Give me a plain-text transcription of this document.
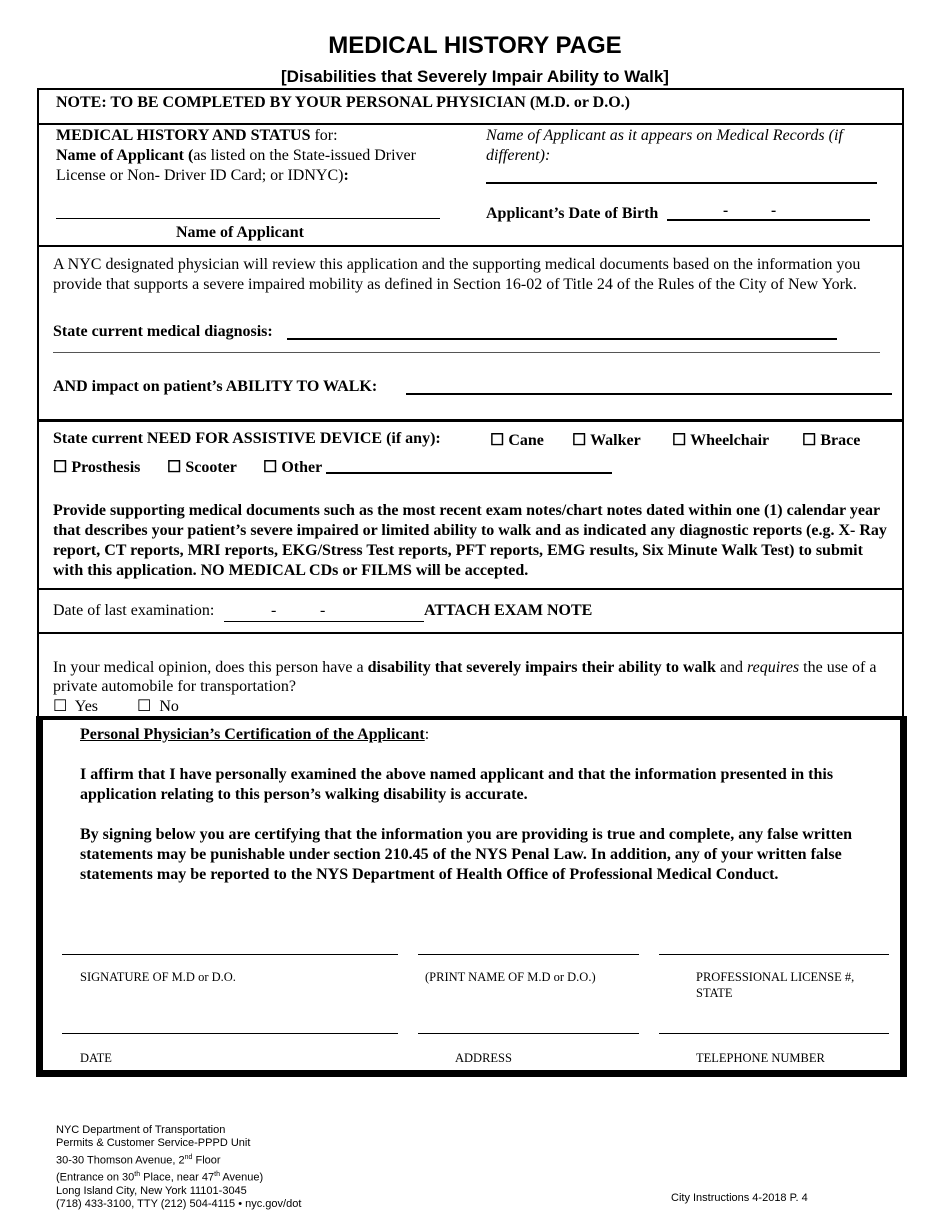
MEDICAL HISTORY PAGE
[Disabilities that Severely Impair Ability to Walk]
NOTE: TO BE COMPLETED BY YOUR PERSONAL PHYSICIAN (M.D. or D.O.)
MEDICAL HISTORY AND STATUS for:
Name of Applicant (as listed on the State-issued Driver License or Non- Driver ID Card; or IDNYC):
Name of Applicant
Name of Applicant as it appears on Medical Records (if different):
Applicant’s Date of Birth	-	-
A NYC designated physician will review this application and the supporting medical documents based on the information you provide that supports a severe impaired mobility as defined in Section 16-02 of Title 24 of the Rules of the City of New York.
State current medical diagnosis:
AND impact on patient’s ABILITY TO WALK:
State current NEED FOR ASSISTIVE DEVICE (if any):	☐ Cane ☐ Walker ☐ Wheelchair ☐ Brace
☐ Prosthesis ☐ Scooter ☐ Other
Provide supporting medical documents such as the most recent exam notes/chart notes dated within one (1) calendar year that describes your patient’s severe impaired or limited ability to walk and as indicated any diagnostic reports (e.g. X- Ray report, CT reports, MRI reports, EKG/Stress Test reports, PFT reports, EMG results, Six Minute Walk Test) to submit with this application. NO MEDICAL CDs or FILMS will be accepted.
Date of last examination:	-	-	ATTACH EXAM NOTE
In your medical opinion, does this person have a disability that severely impairs their ability to walk and requires the use of a private automobile for transportation?
☐ Yes ☐ No
Personal Physician’s Certification of the Applicant:
I affirm that I have personally examined the above named applicant and that the information presented in this application relating to this person’s walking disability is accurate.
By signing below you are certifying that the information you are providing is true and complete, any false written statements may be punishable under section 210.45 of the NYS Penal Law. In addition, any of your written false statements may be reported to the NYS Department of Health Office of Professional Medical Conduct.
SIGNATURE OF M.D or D.O.	(PRINT NAME OF M.D or D.O.)	PROFESSIONAL LICENSE #, STATE
DATE	ADDRESS	TELEPHONE NUMBER
NYC Department of Transportation
Permits & Customer Service-PPPD Unit
30-30 Thomson Avenue, 2nd Floor
(Entrance on 30th Place, near 47th Avenue)
Long Island City, New York 11101-3045
(718) 433-3100, TTY (212) 504-4115 • nyc.gov/dot
City Instructions 4-2018 P. 4
